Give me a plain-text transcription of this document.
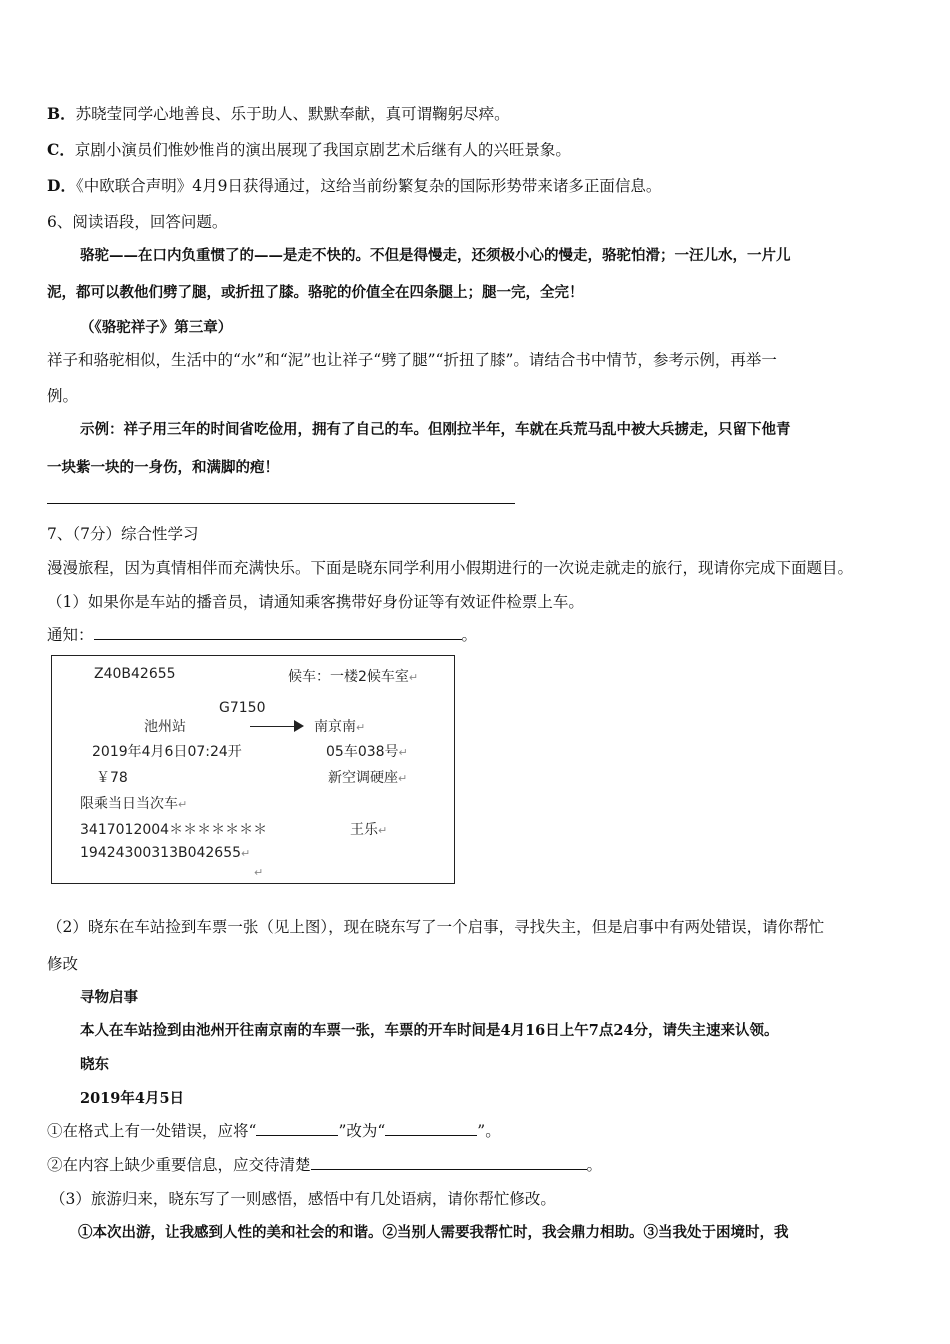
B．苏晓莹同学心地善良、乐于助人、默默奉献，真可谓鞠躬尽瘁。
C．京剧小演员们惟妙惟肖的演出展现了我国京剧艺术后继有人的兴旺景象。
D．《中欧联合声明》4月9日获得通过，这给当前纷繁复杂的国际形势带来诸多正面信息。
6、阅读语段，回答问题。
骆驼——在口内负重惯了的——是走不快的。不但是得慢走，还须极小心的慢走，骆驼怕滑；一汪儿水，一片儿
泥，都可以教他们劈了腿，或折扭了膝。骆驼的价值全在四条腿上；腿一完，全完！
（《骆驼祥子》第三章）
祥子和骆驼相似，生活中的“水”和“泥”也让祥子“劈了腿”“折扭了膝”。请结合书中情节，参考示例，再举一
例。
示例：祥子用三年的时间省吃俭用，拥有了自己的车。但刚拉半年，车就在兵荒马乱中被大兵掳走，只留下他青
一块紫一块的一身伤，和满脚的疱！
7、（7分）综合性学习
漫漫旅程，因为真情相伴而充满快乐。下面是晓东同学利用小假期进行的一次说走就走的旅行，现请你完成下面题目。
（1）如果你是车站的播音员，请通知乘客携带好身份证等有效证件检票上车。
通知：	。
Z40B42655	候车：一楼2候车室↵
G7150
池州站	南京南↵
2019年4月6日07:24开	05车038号↵
￥78	新空调硬座↵
限乘当日当次车↵
3417012004＊＊＊＊＊＊＊	王乐↵
19424300313B042655↵
↵
（2）晓东在车站捡到车票一张（见上图），现在晓东写了一个启事，寻找失主，但是启事中有两处错误，请你帮忙
修改
寻物启事
本人在车站捡到由池州开往南京南的车票一张，车票的开车时间是4月16日上午7点24分，请失主速来认领。
晓东
2019年4月5日
①在格式上有一处错误，应将“	”改为“	”。
②在内容上缺少重要信息，应交待清楚	。
（3）旅游归来，晓东写了一则感悟，感悟中有几处语病，请你帮忙修改。
①本次出游，让我感到人性的美和社会的和谐。②当别人需要我帮忙时，我会鼎力相助。③当我处于困境时，我
